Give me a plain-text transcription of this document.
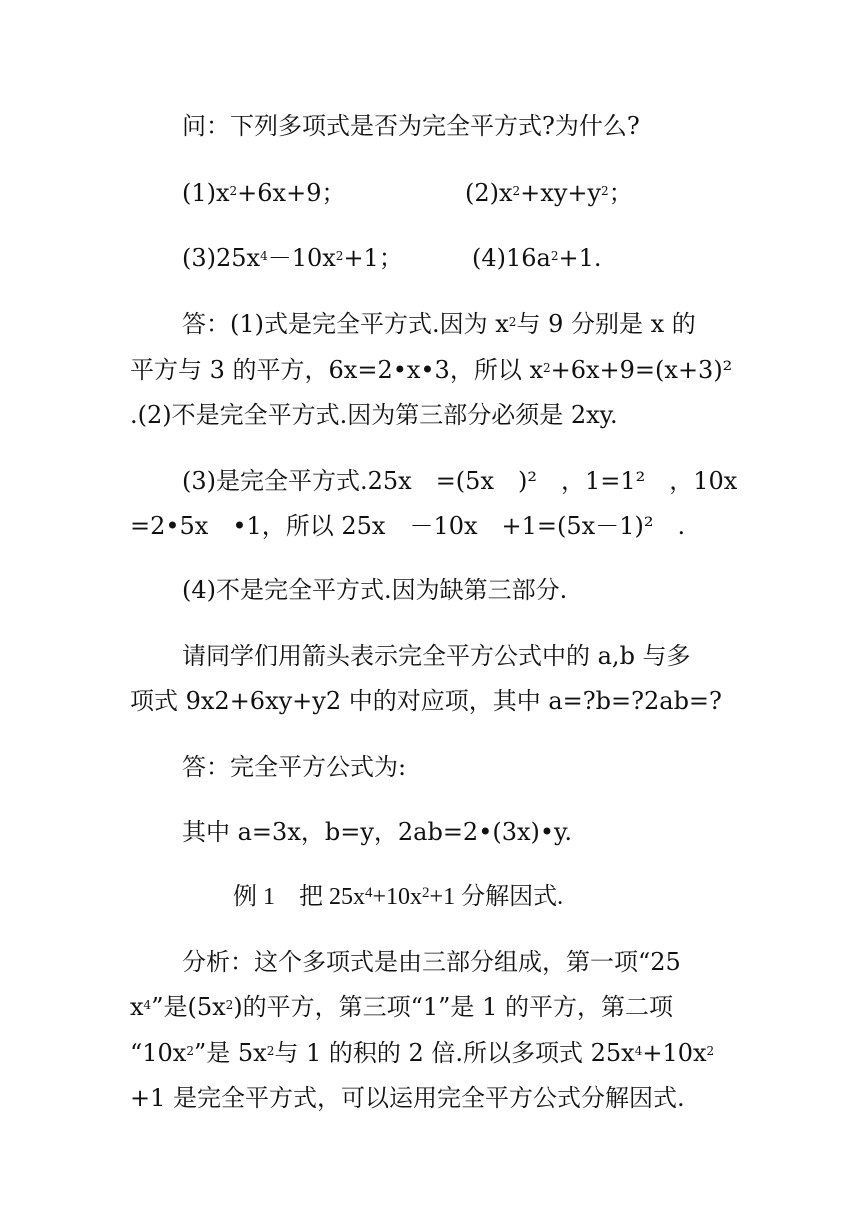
问：下列多项式是否为完全平方式?为什么?
$(1)x^2+6x+9$；	$(2)x^2+xy+y^2$；
$(3)25x^4-10x^2+1$；	$(4)16a^2+1$.
答：(1)式是完全平方式.因为 $x^2$与 9 分别是 x 的
平方与 3 的平方，6x=2•x•3，所以 $x^2+6x+9=(x+3)^2$
.(2)不是完全平方式.因为第三部分必须是 2xy.
(3)是完全平方式.25x　=(5x　)²　，1=1²　，10x
=2•5x　•1，所以 25x　－10x　+1=(5x－1)²　.
(4)不是完全平方式.因为缺第三部分.
请同学们用箭头表示完全平方公式中的 a,b 与多
项式 9x2+6xy+y2 中的对应项，其中 a=?b=?2ab=?
答：完全平方公式为:
其中 a=3x，b=y，2ab=2•(3x)•y.
例 1　把 $25x^4+10x^2+1$ 分解因式.
分析：这个多项式是由三部分组成，第一项“25
$x^4$”是$(5x^2)$的平方，第三项“1”是 1 的平方，第二项
“$10x^2$”是 $5x^2$与 1 的积的 2 倍.所以多项式 $25x^4+10x^2$
+1 是完全平方式，可以运用完全平方公式分解因式.
